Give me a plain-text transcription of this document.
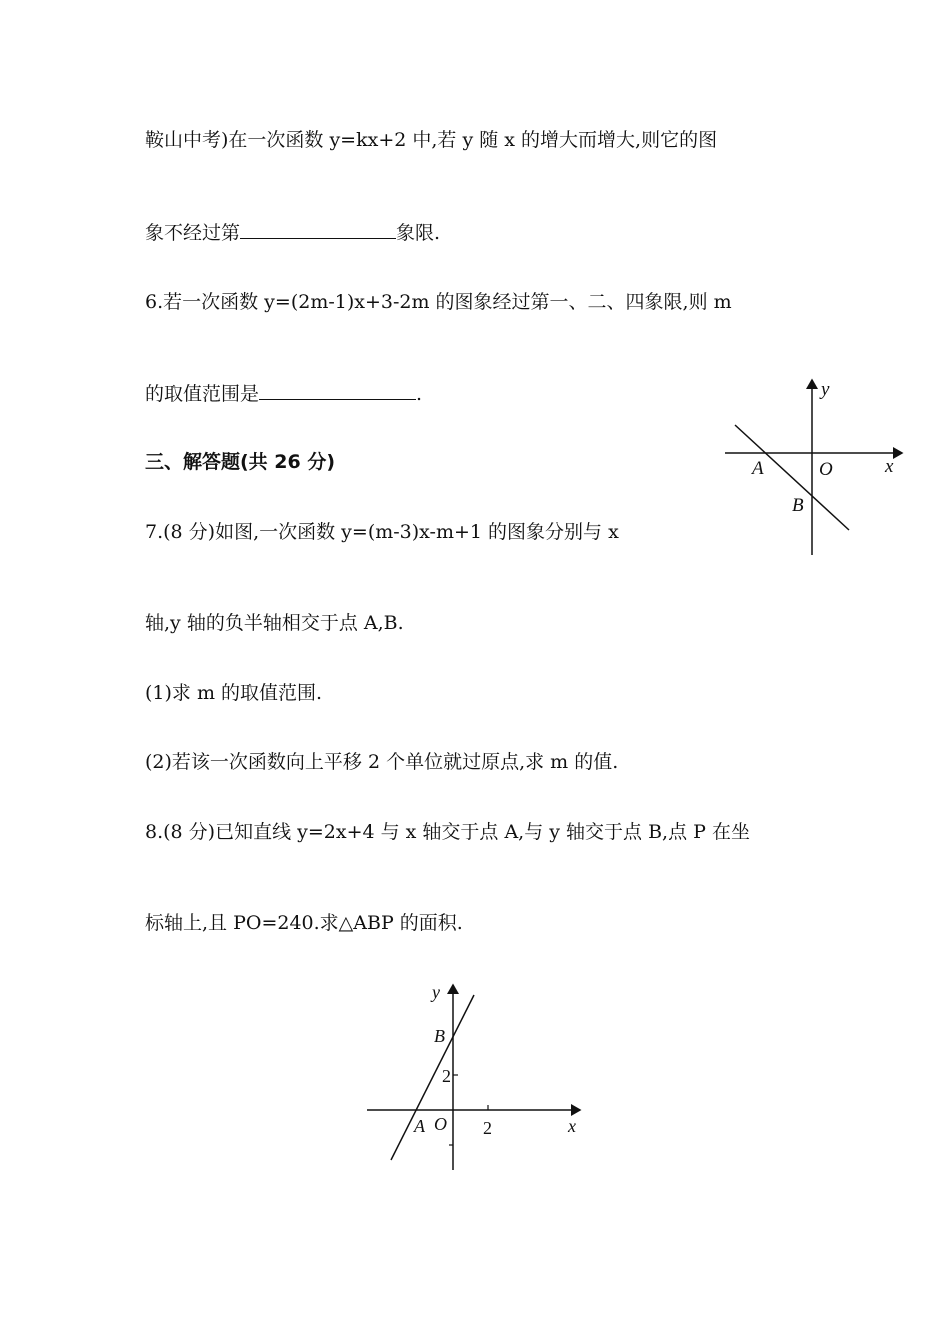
鞍山中考)在一次函数 y=kx+2 中,若 y 随 x 的增大而增大,则它的图
象不经过第	象限.
6.若一次函数 y=(2m-1)x+3-2m 的图象经过第一、二、四象限,则 m
的取值范围是	.
三、解答题(共 26 分)
7.(8 分)如图,一次函数 y=(m-3)x-m+1 的图象分别与 x
轴,y 轴的负半轴相交于点 A,B.
(1)求 m 的取值范围.
(2)若该一次函数向上平移 2 个单位就过原点,求 m 的值.
8.(8 分)已知直线 y=2x+4 与 x 轴交于点 A,与 y 轴交于点 B,点 P 在坐
标轴上,且 PO=240.求△ABP 的面积.
y
x
O
A
B
y
x
O
A
B
2
2
